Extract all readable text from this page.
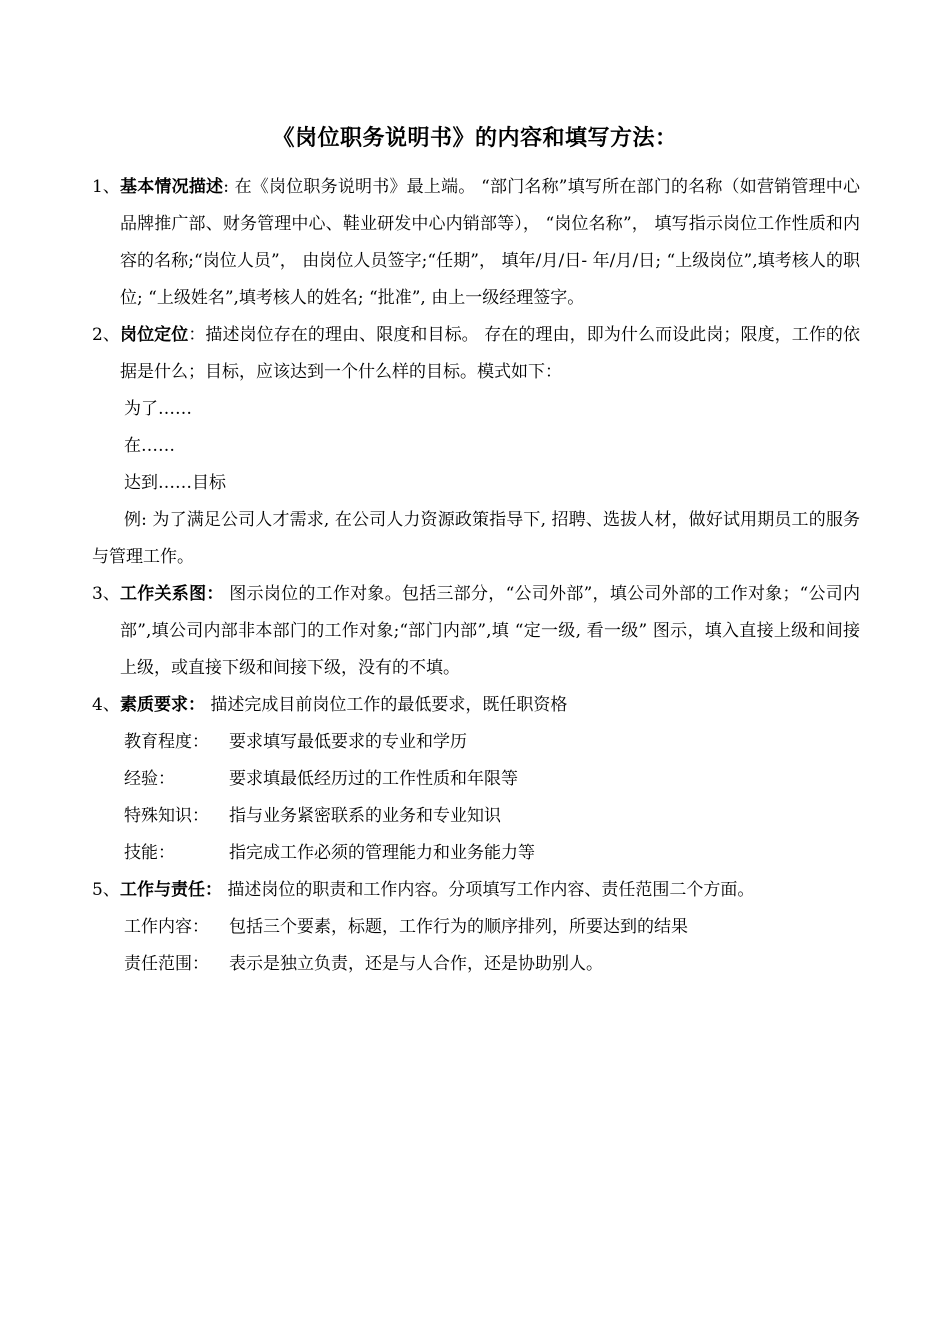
《岗位职务说明书》的内容和填写方法：
1、 基本情况描述: 在《岗位职务说明书》最上端。 “部门名称”填写所在部门的名称（如营销管理中心品牌推广部、财务管理中心、鞋业研发中心内销部等）， “岗位名称”， 填写指示岗位工作性质和内容的名称;“岗位人员”， 由岗位人员签字;“任期”， 填年/月/日- 年/月/日; “上级岗位”,填考核人的职位; “上级姓名”,填考核人的姓名; “批准”, 由上一级经理签字。

2、 岗位定位：描述岗位存在的理由、限度和目标。 存在的理由，即为什么而设此岗；限度，工作的依据是什么；目标，应该达到一个什么样的目标。模式如下：

为了……
在……
达到……目标
例: 为了满足公司人才需求, 在公司人力资源政策指导下, 招聘、选拔人材，做好试用期员工的服务与管理工作。
3、 工作关系图： 图示岗位的工作对象。包括三部分，“公司外部”，填公司外部的工作对象；“公司内部”,填公司内部非本部门的工作对象;“部门内部”,填 “定一级, 看一级” 图示，填入直接上级和间接上级，或直接下级和间接下级，没有的不填。

4、 素质要求： 描述完成目前岗位工作的最低要求，既任职资格

教育程度：	要求填写最低要求的专业和学历
经验：	要求填最低经历过的工作性质和年限等
特殊知识：	指与业务紧密联系的业务和专业知识
技能：	指完成工作必须的管理能力和业务能力等
5、 工作与责任： 描述岗位的职责和工作内容。分项填写工作内容、责任范围二个方面。

工作内容：	包括三个要素，标题，工作行为的顺序排列，所要达到的结果
责任范围：	表示是独立负责，还是与人合作，还是协助别人。
